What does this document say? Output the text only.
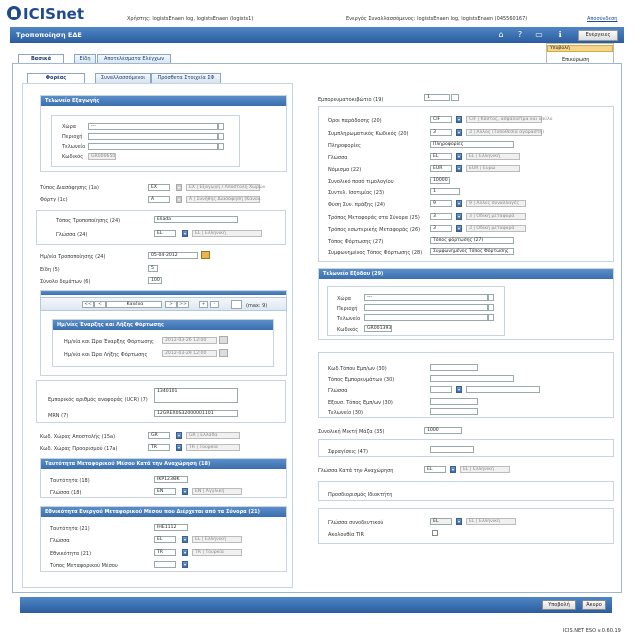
ICISnet	Χρήστης: logistsEnaen log, logistsEnaen (logists1)	Ενεργός Συναλλασσόμενος: logistsEnaen log, logistsEnaen (045560167)	Αποσύνδεση
Τροποποίηση ΕΔΕ	⌂	?	▭	ℹ	Ενέργειες
Υποβολή
Επικύρωση
Βασικά	Είδη	Αποτελέσματα Ελέγχων
Φορέας	Συναλλασσόμενοι	Πρόσθετα Στοιχεία ΣΦ
Τελωνείο Εξαγωγής
Χώρα	---
Περιοχή
Τελωνείο
Κωδικός	GR000650
Τύπος Διασάφησης (1a)	EX	▾	EX | Εξαγωγή / Αποστολή Χωρών
Φόρτγ (1c)	A	▾	A | Συνήθης Διασάφηση (Κανον.
Τόπος Τροποποίησης (24)	Eliada
Γλώσσα (24)	EL	▾	EL | Ελληνική
Ημ/νία Τροποποίησης (24)	05-04-2012
Είδη (5)	5
Σύνολο δεμάτων (6)	100
<<	<	Κανένα	>	>>	+	-	(max: 9)
Ημ/νίες Έναρξης και Λήξης Φόρτωσης
Ημ/νία και Ώρα Έναρξης Φόρτωσης	2012-03-26 12:00
Ημ/νία και Ώρα Λήξης Φόρτωσης	2012-03-29 12:00
Εμπορικός αριθμός αναφοράς (UCR) (7)
1340101
MRN (7)	12GREX0S32000001101
Κωδ. Χώρας Αποστολής (15a)	GR	▾	GR | Ελλάδα
Κωδ. Χώρας Προορισμού (17a)	TR	▾	TR | Τουρκία
Ταυτότητα Μεταφορικού Μέσου Κατά την Αναχώρηση (18)
Ταυτότητα (18)	ΙΚΡ123ΘΚ
Γλώσσα (18)	EN	▾	EN | Αγγλική
Εθνικότητα Ενεργού Μεταφορικού Μέσου που Διέρχεται από τα Σύνορα (21)
Ταυτότητα (21)	ΙΗΕ1112
Γλώσσα	EL	▾	EL | Ελληνική
Εθνικότητα (21)	TR	▾	TR | Τουρκία
Τύπος Μεταφορικού Μέσου	▾
Εμπορευματοκιβώτιο (19)	1
Όροι παράδοσης (20)	CIF	▾	CIF | Κόστος, ασφάλιστρα και ναύλο
Συμπληρωματικός Κωδικός (20)	3	▾	3 | Άλλος (Τοποθεσία αγοραστή)
Πληροφορίες	Πληροφορίες
Γλώσσα	EL	▾	EL | Ελληνική
Νόμισμα (22)	EUR	▾	EUR | Ευρώ
Συνολικό ποσό τιμολογίου	10000
Συντελ. Ισοτιμίας (23)	1
Φύση Συν. πράξης (24)	9	▾	9 | Άλλες συναλλαγές
Τρόπος Μεταφοράς στα Σύνορα (25)	3	▾	3 | Οδική μεταφορά
Τρόπος εσωτερικής Μεταφοράς (26)	3	▾	3 | Οδική μεταφορά
Τόπος Φόρτωσης (27)	Τόπος φόρτωσης (27)
Συμφωνημένος Τόπος Φόρτωσης (28)	Συμφωνημένος Τόπος Φόρτωσης
Τελωνείο Εξόδου (29)
Χώρα	---
Περιοχή
Τελωνείο
Κωδικός	GR001393
Κωδ.Τόπου Εμπ/ων (30)
Τόπος Εμπορευμάτων (30)
Γλώσσα	▾
Εξουσ. Τόπος Εμπ/ων (30)
Τελωνείο (30)
Συνολική Μικτή Μάζα (35)	1000
Σφραγίσεις (47)
Γλώσσα Κατά την Αναχώρηση	EL	▾	EL | Ελληνική
Προσδιορισμός Ιδιοκτήτη
Γλώσσα συνοδευτικού	EL	▾	EL | Ελληνική
Ακολουθία TIR
Υποβολή	Άκυρο
ICIS.NET ESO v.0.60.19
